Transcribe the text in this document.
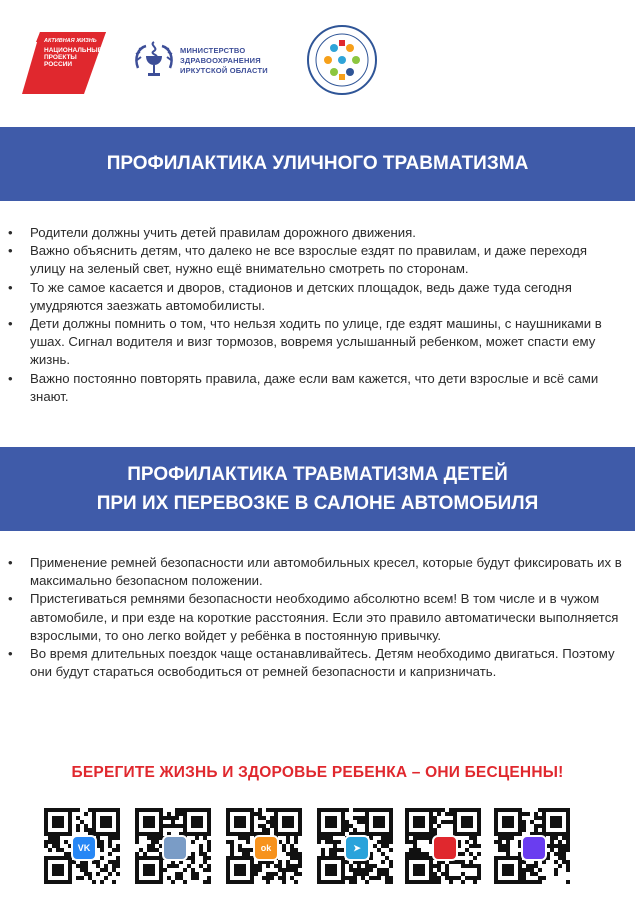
АКТИВНАЯ ЖИЗНЬ
НАЦИОНАЛЬНЫЕ
ПРОЕКТЫ
РОССИИ
МИНИСТЕРСТВО
ЗДРАВООХРАНЕНИЯ
ИРКУТСКОЙ ОБЛАСТИ
ПРОФИЛАКТИКА УЛИЧНОГО ТРАВМАТИЗМА
• Родители должны учить детей правилам дорожного движения.
• Важно объяснить детям, что далеко не все взрослые ездят по правилам, и даже переходя улицу на зеленый свет, нужно ещё внимательно смотреть по сторонам.
• То же самое касается и дворов, стадионов и детских площадок, ведь даже туда сегодня умудряются заезжать автомобилисты.
• Дети должны помнить о том, что нельзя ходить по улице, где ездят машины, с наушниками в ушах. Сигнал водителя и визг тормозов, вовремя услышанный ребенком, может спасти ему жизнь.
• Важно постоянно повторять правила, даже если вам кажется, что дети взрослые и всё сами знают.
ПРОФИЛАКТИКА ТРАВМАТИЗМА ДЕТЕЙ
ПРИ ИХ ПЕРЕВОЗКЕ В САЛОНЕ АВТОМОБИЛЯ
• Применение ремней безопасности или автомобильных кресел, которые будут фиксировать их в максимально безопасном положении.
• Пристегиваться ремнями безопасности необходимо абсолютно всем! В том числе и в чужом автомобиле, и при езде на короткие расстояния. Если это правило автоматически выполняется взрослыми, то оно легко войдет у ребёнка в постоянную привычку.
• Во время длительных поездок чаще останавливайтесь. Детям необходимо двигаться. Поэтому они будут стараться освободиться от ремней безопасности и капризничать.
БЕРЕГИТЕ ЖИЗНЬ И ЗДОРОВЬЕ РЕБЕНКА – ОНИ БЕСЦЕННЫ!
VK	ok	➤
